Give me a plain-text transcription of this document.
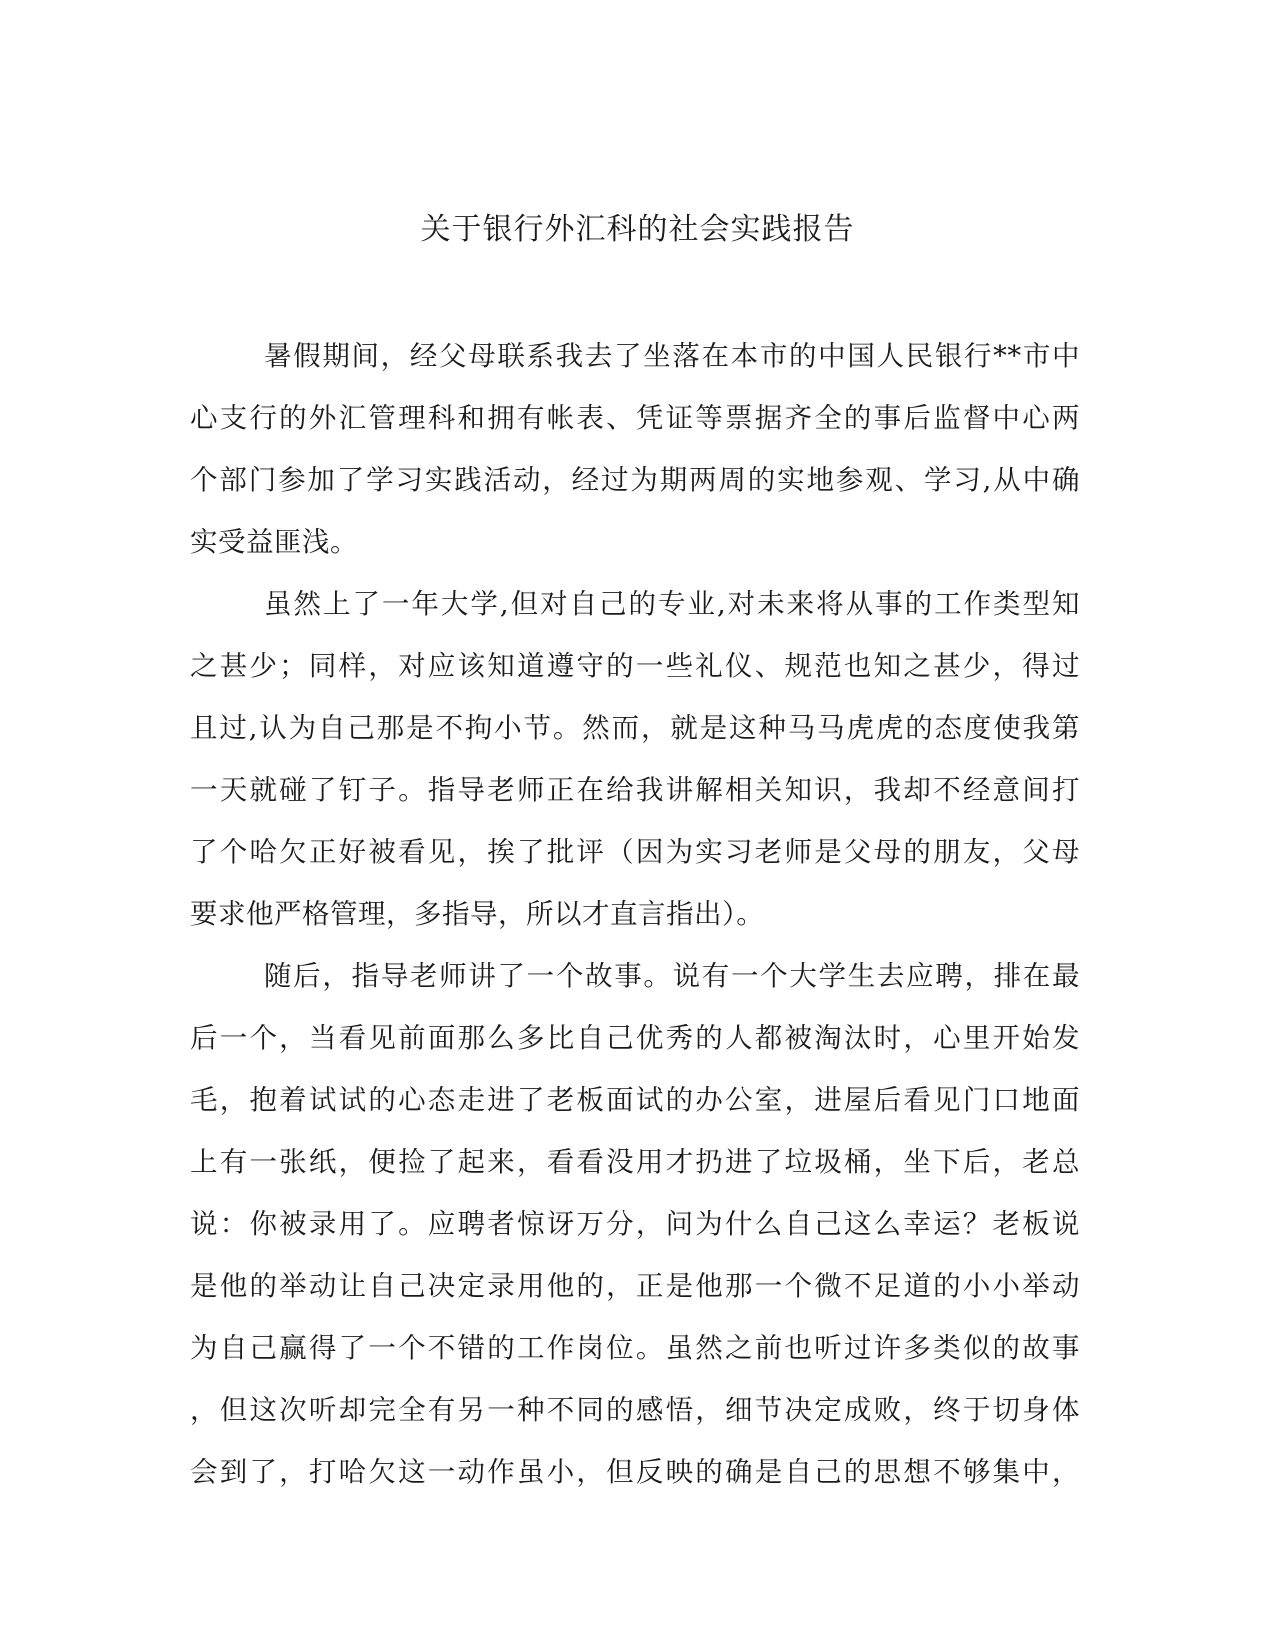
关于银行外汇科的社会实践报告
暑假期间，经父母联系我去了坐落在本市的中国人民银行**市中
心支行的外汇管理科和拥有帐表、凭证等票据齐全的事后监督中心两
个部门参加了学习实践活动，经过为期两周的实地参观、学习,从中确
实受益匪浅。
虽然上了一年大学,但对自己的专业,对未来将从事的工作类型知
之甚少；同样，对应该知道遵守的一些礼仪、规范也知之甚少，得过
且过,认为自己那是不拘小节。然而，就是这种马马虎虎的态度使我第
一天就碰了钉子。指导老师正在给我讲解相关知识，我却不经意间打
了个哈欠正好被看见，挨了批评（因为实习老师是父母的朋友，父母
要求他严格管理，多指导，所以才直言指出）。
随后，指导老师讲了一个故事。说有一个大学生去应聘，排在最
后一个，当看见前面那么多比自己优秀的人都被淘汰时，心里开始发
毛，抱着试试的心态走进了老板面试的办公室，进屋后看见门口地面
上有一张纸，便捡了起来，看看没用才扔进了垃圾桶，坐下后，老总
说：你被录用了。应聘者惊讶万分，问为什么自己这么幸运？老板说
是他的举动让自己决定录用他的，正是他那一个微不足道的小小举动
为自己赢得了一个不错的工作岗位。虽然之前也听过许多类似的故事
，但这次听却完全有另一种不同的感悟，细节决定成败，终于切身体
会到了，打哈欠这一动作虽小，但反映的确是自己的思想不够集中，
